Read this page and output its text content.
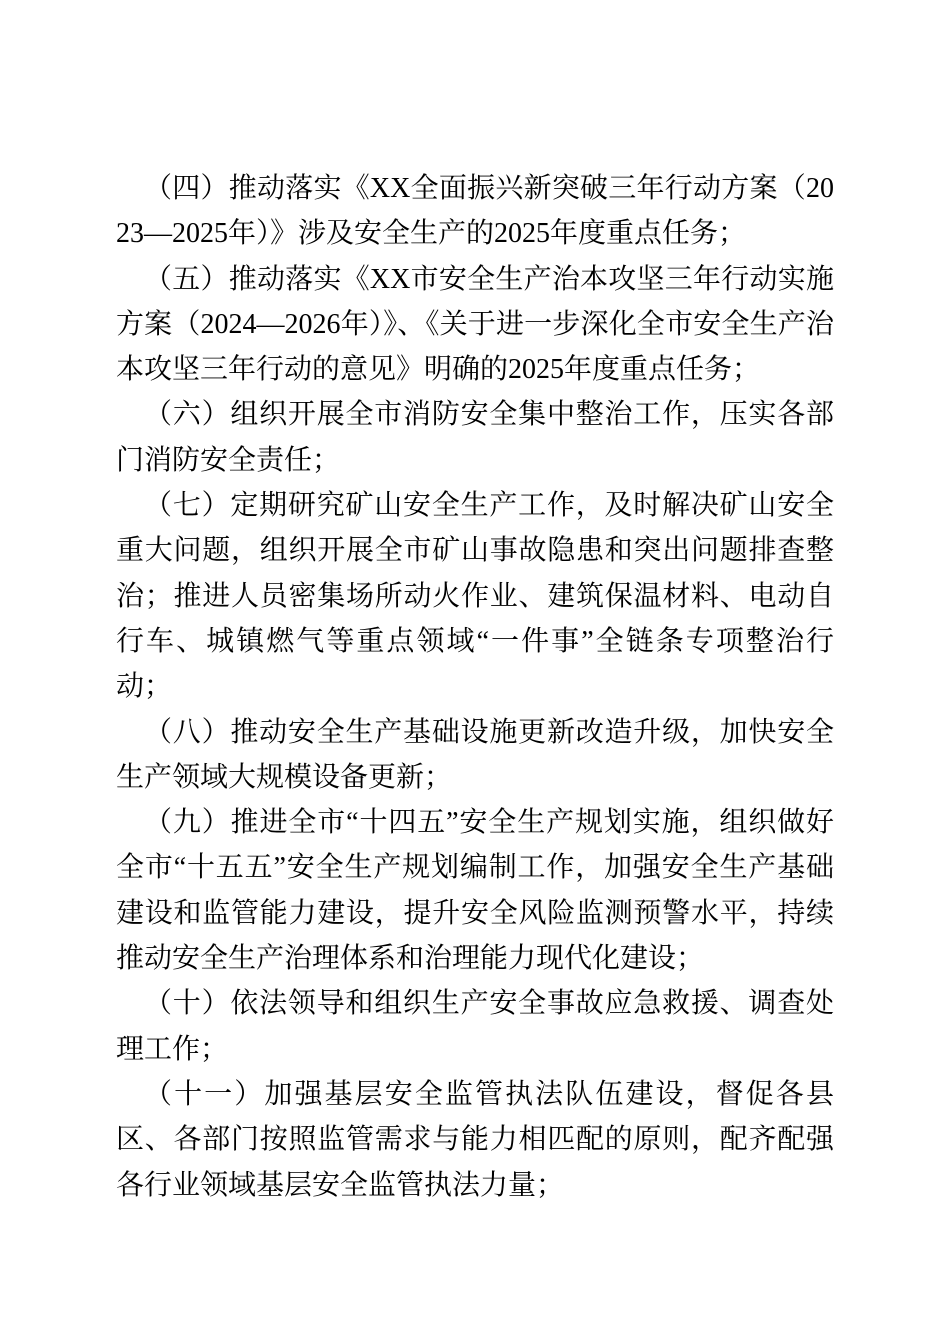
（四）推动落实《XX全面振兴新突破三年行动方案（2023—2025年）》涉及安全生产的2025年度重点任务；

（五）推动落实《XX市安全生产治本攻坚三年行动实施方案（2024—2026年）》、《关于进一步深化全市安全生产治本攻坚三年行动的意见》明确的2025年度重点任务；

（六）组织开展全市消防安全集中整治工作，压实各部门消防安全责任；

（七）定期研究矿山安全生产工作，及时解决矿山安全重大问题，组织开展全市矿山事故隐患和突出问题排查整治；推进人员密集场所动火作业、建筑保温材料、电动自行车、城镇燃气等重点领域“一件事”全链条专项整治行动；

（八）推动安全生产基础设施更新改造升级，加快安全生产领域大规模设备更新；

（九）推进全市“十四五”安全生产规划实施，组织做好全市“十五五”安全生产规划编制工作，加强安全生产基础建设和监管能力建设，提升安全风险监测预警水平，持续推动安全生产治理体系和治理能力现代化建设；

（十）依法领导和组织生产安全事故应急救援、调查处理工作；

（十一）加强基层安全监管执法队伍建设，督促各县区、各部门按照监管需求与能力相匹配的原则，配齐配强各行业领域基层安全监管执法力量；
